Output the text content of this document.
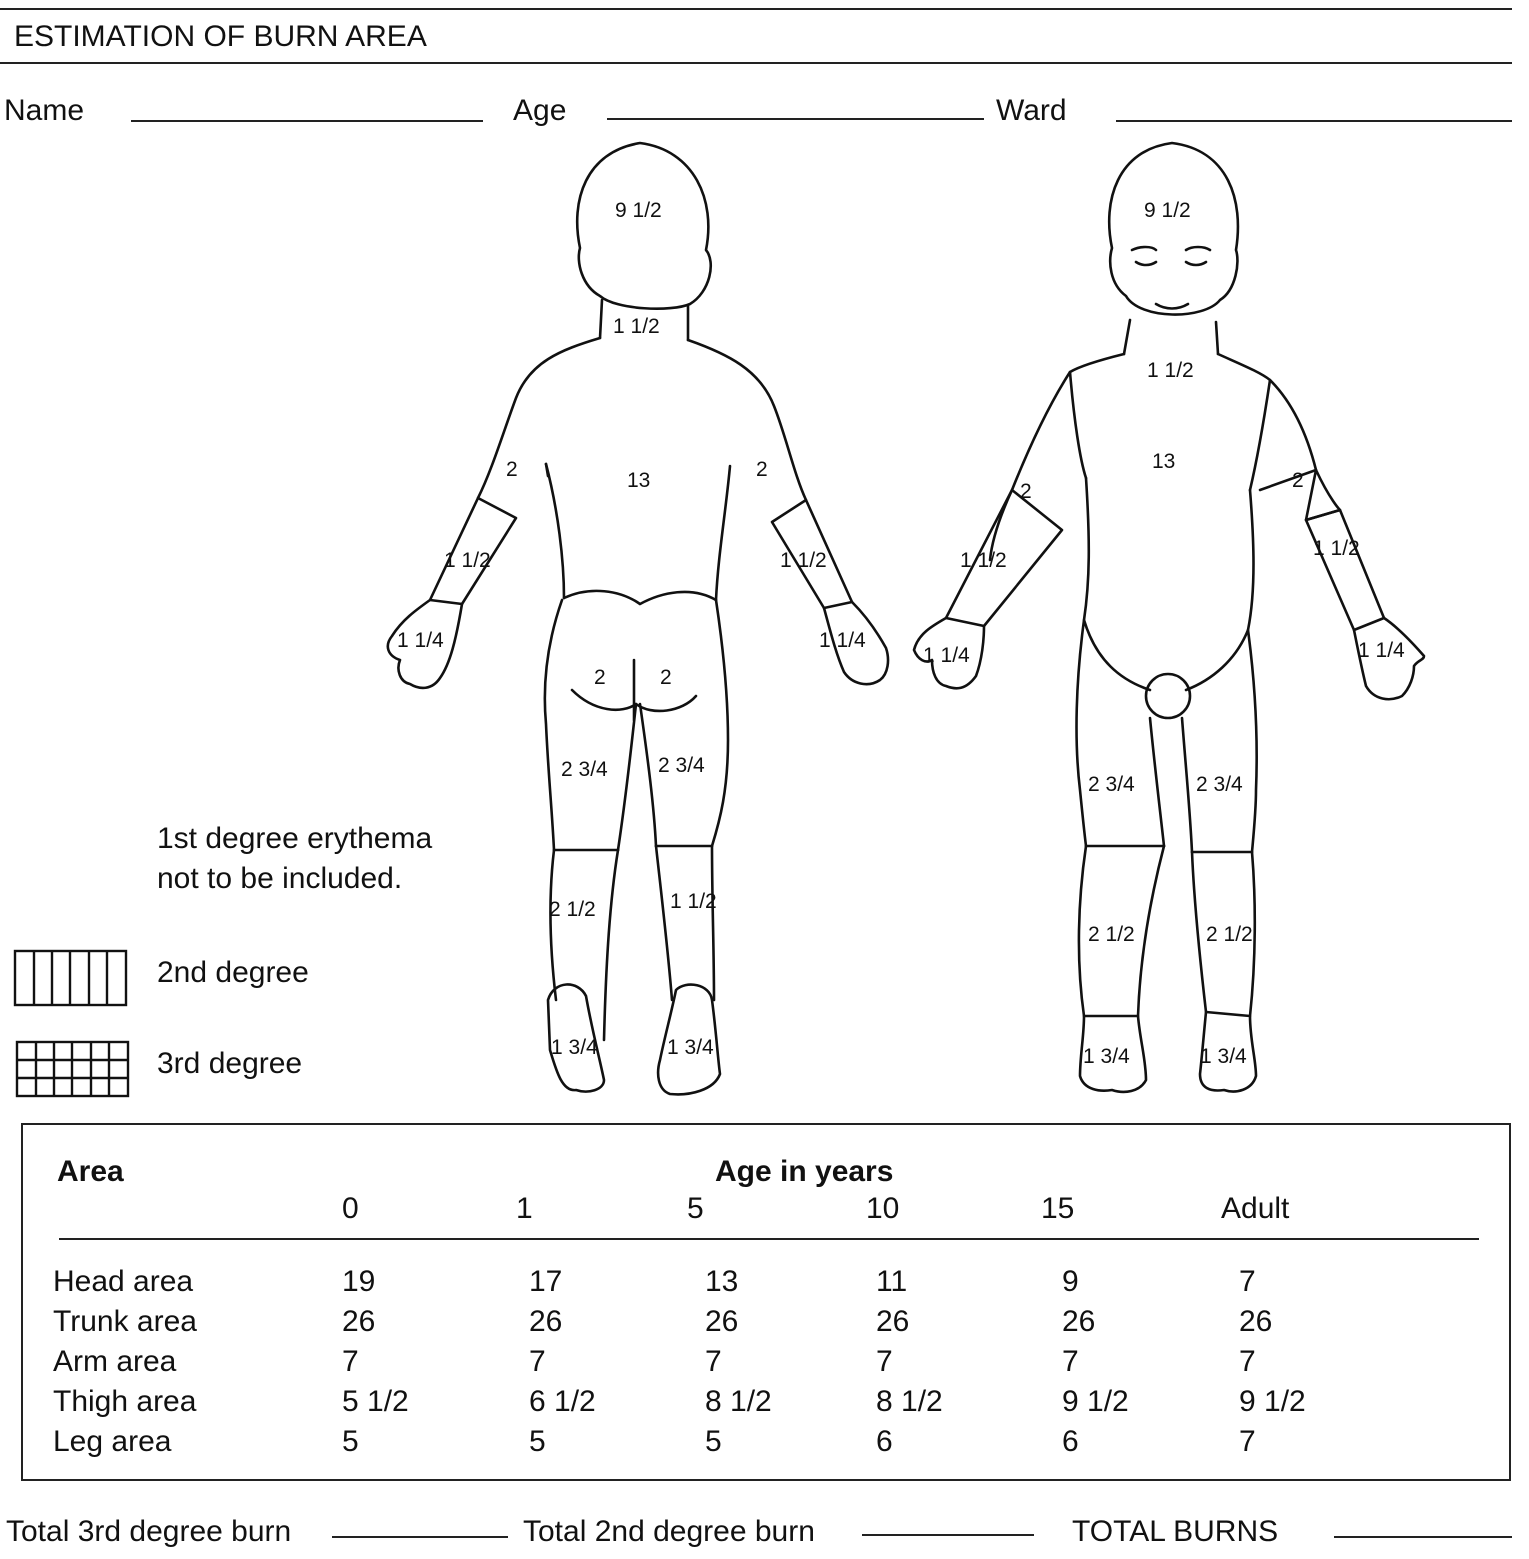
ESTIMATION OF BURN AREA
Name	Age	Ward
9 1/2
1 1/2
13
2	2
1 1/2	1 1/2
1 1/4	1 1/4
2	2
2 3/4 2 3/4
2 1/2	1 1/2
1 3/4	1 3/4
9 1/2
1 1/2
13
2	2
1 1/2
1 1/2
1 1/4	1 1/4
2 3/4	2 3/4
2 1/2	2 1/2
1 3/4	1 3/4
1st degree erythema
not to be included.
2nd degree
3rd degree
Area	Age in years
0	1	5	10	15	Adult
Head area	19	17	13	11	9	7
Trunk area	26	26	26	26	26	26
Arm area	7	7	7	7	7	7
Thigh area	5 1/2	6 1/2	8 1/2	8 1/2	9 1/2	9 1/2
Leg area	5	5	5	6	6	7
Total 3rd degree burn	Total 2nd degree burn	TOTAL BURNS
